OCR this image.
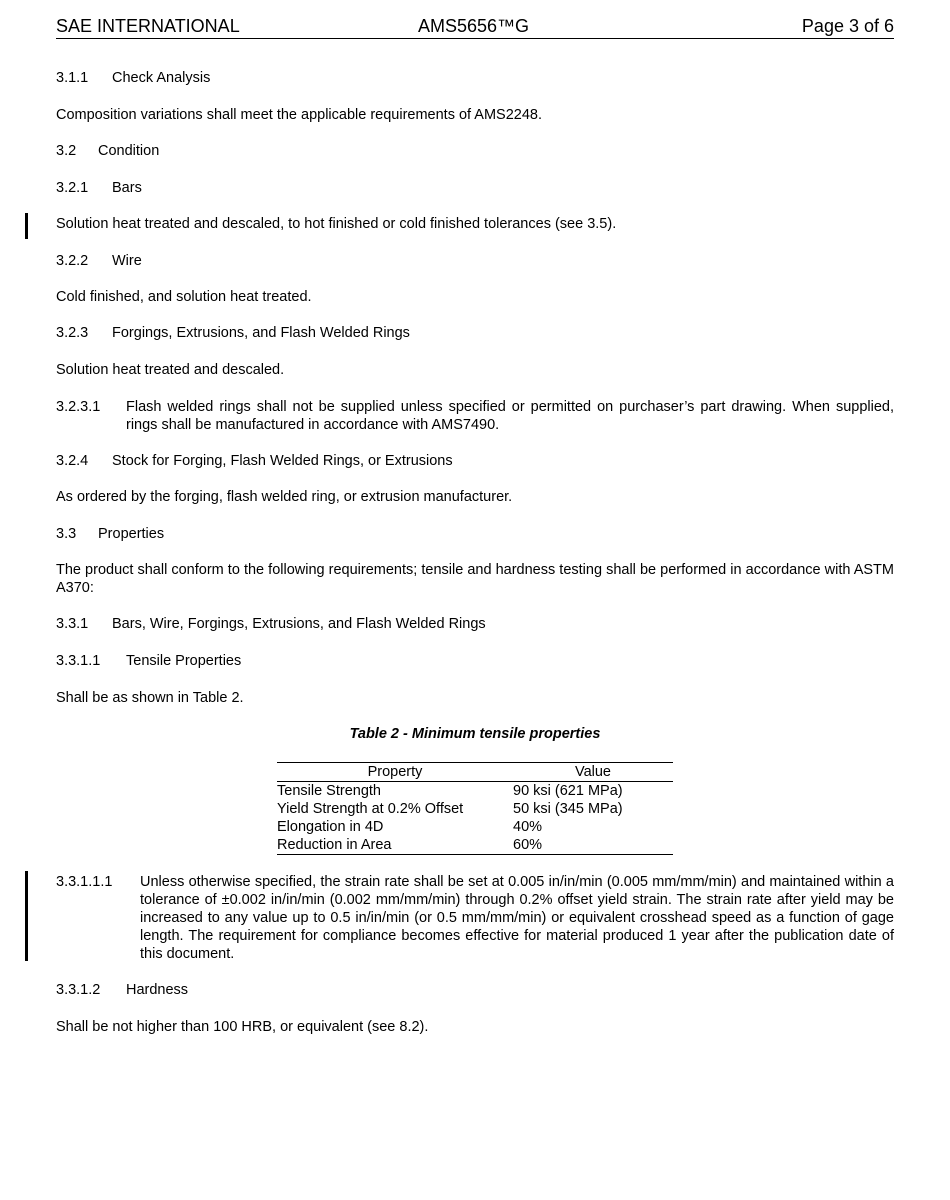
SAE INTERNATIONAL	AMS5656™G	Page 3 of 6
3.1.1 Check Analysis
Composition variations shall meet the applicable requirements of AMS2248.
3.2 Condition
3.2.1 Bars
Solution heat treated and descaled, to hot finished or cold finished tolerances (see 3.5).
3.2.2 Wire
Cold finished, and solution heat treated.
3.2.3 Forgings, Extrusions, and Flash Welded Rings
Solution heat treated and descaled.
3.2.3.1 Flash welded rings shall not be supplied unless specified or permitted on purchaser’s part drawing. When supplied, rings shall be manufactured in accordance with AMS7490.
3.2.4 Stock for Forging, Flash Welded Rings, or Extrusions
As ordered by the forging, flash welded ring, or extrusion manufacturer.
3.3 Properties
The product shall conform to the following requirements; tensile and hardness testing shall be performed in accordance with ASTM A370:
3.3.1 Bars, Wire, Forgings, Extrusions, and Flash Welded Rings
3.3.1.1 Tensile Properties
Shall be as shown in Table 2.
Table 2 - Minimum tensile properties
Property	Value
Tensile Strength	90 ksi (621 MPa)
Yield Strength at 0.2% Offset	50 ksi (345 MPa)
Elongation in 4D	40%
Reduction in Area	60%
3.3.1.1.1 Unless otherwise specified, the strain rate shall be set at 0.005 in/in/min (0.005 mm/mm/min) and maintained within a tolerance of ±0.002 in/in/min (0.002 mm/mm/min) through 0.2% offset yield strain. The strain rate after yield may be increased to any value up to 0.5 in/in/min (or 0.5 mm/mm/min) or equivalent crosshead speed as a function of gage length. The requirement for compliance becomes effective for material produced 1 year after the publication date of this document.
3.3.1.2 Hardness
Shall be not higher than 100 HRB, or equivalent (see 8.2).
